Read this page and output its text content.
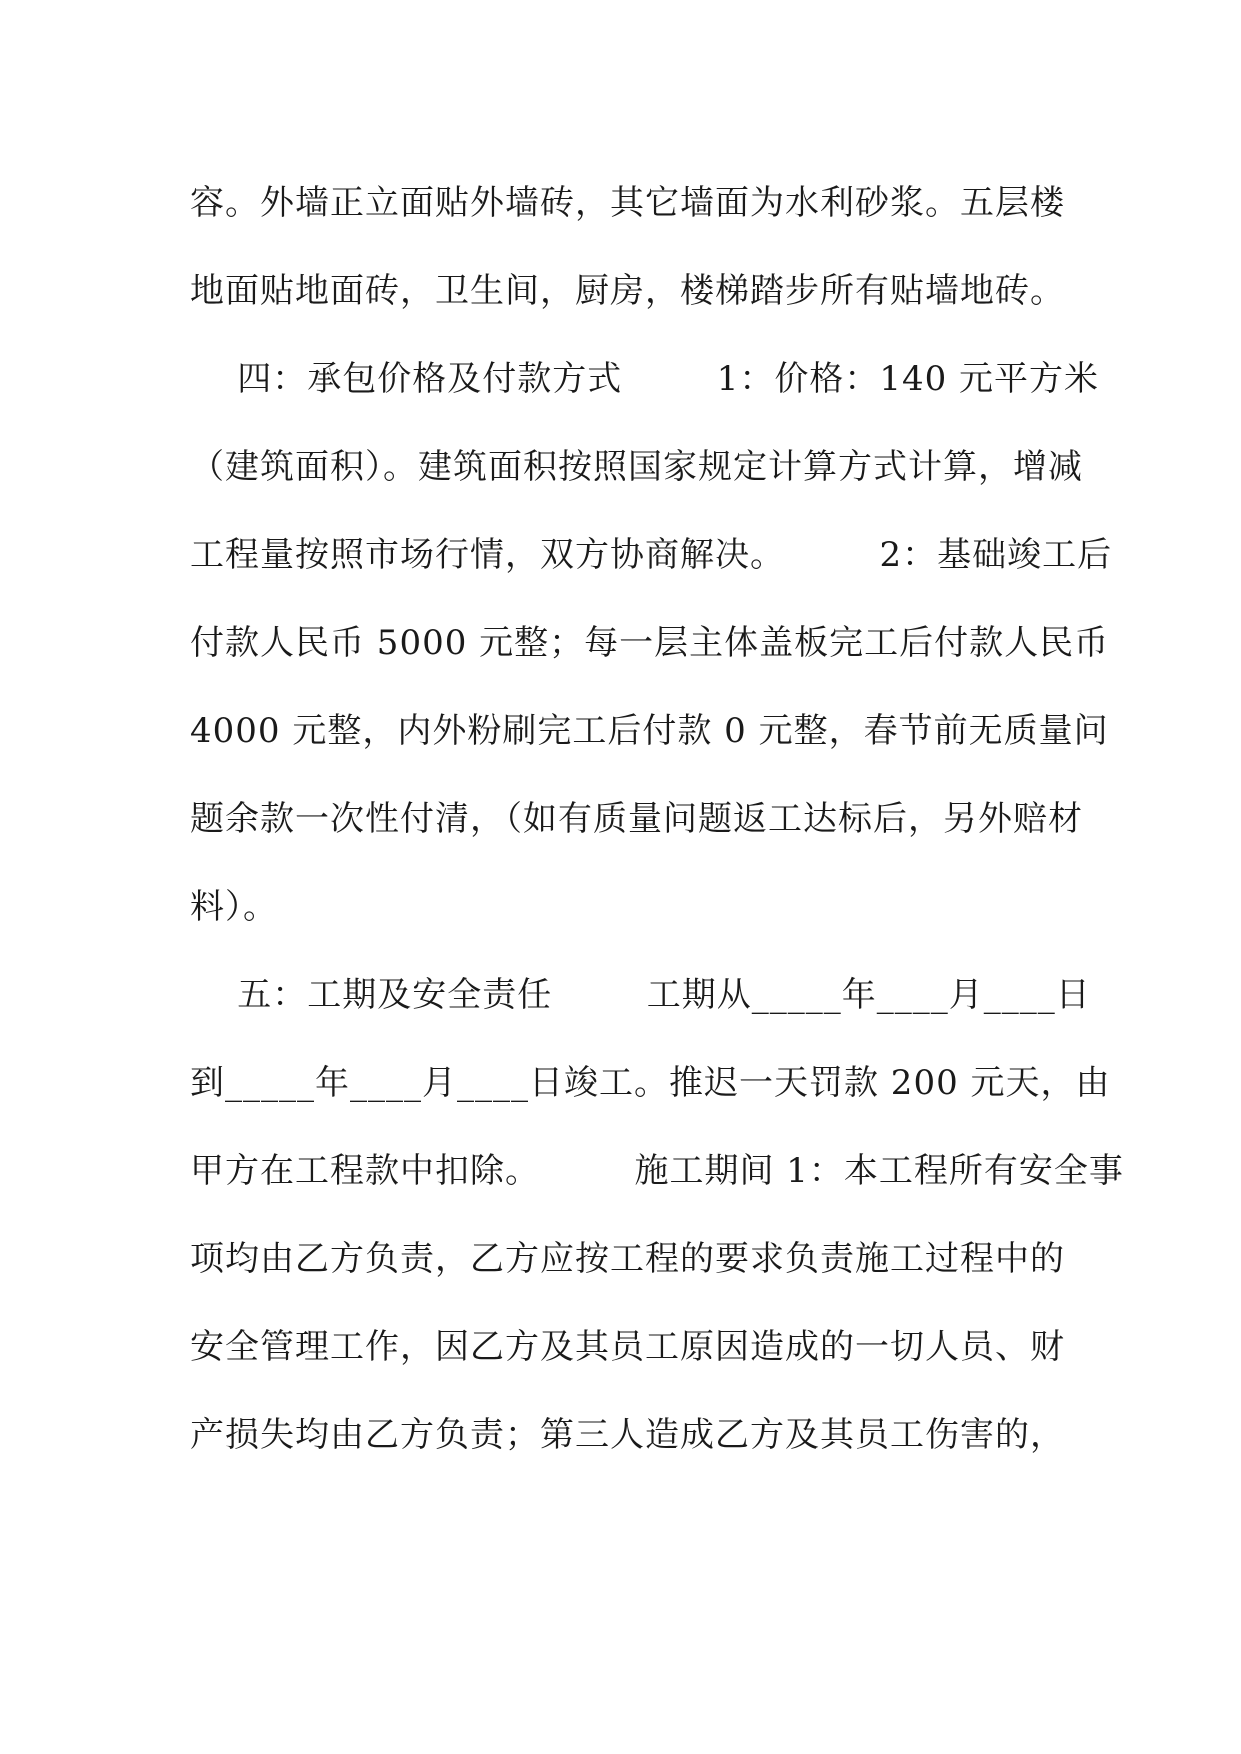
容。外墙正立面贴外墙砖，其它墙面为水利砂浆。五层楼
地面贴地面砖，卫生间，厨房，楼梯踏步所有贴墙地砖。
四：承包价格及付款方式        1：价格：140 元平方米
（建筑面积）。建筑面积按照国家规定计算方式计算，增减
工程量按照市场行情，双方协商解决。        2：基础竣工后
付款人民币 5000 元整；每一层主体盖板完工后付款人民币
4000 元整，内外粉刷完工后付款 0 元整，春节前无质量问
题余款一次性付清，（如有质量问题返工达标后，另外赔材
料）。
五：工期及安全责任        工期从_____年____月____日
到_____年____月____日竣工。推迟一天罚款 200 元天，由
甲方在工程款中扣除。        施工期间 1：本工程所有安全事
项均由乙方负责，乙方应按工程的要求负责施工过程中的
安全管理工作，因乙方及其员工原因造成的一切人员、财
产损失均由乙方负责；第三人造成乙方及其员工伤害的，
